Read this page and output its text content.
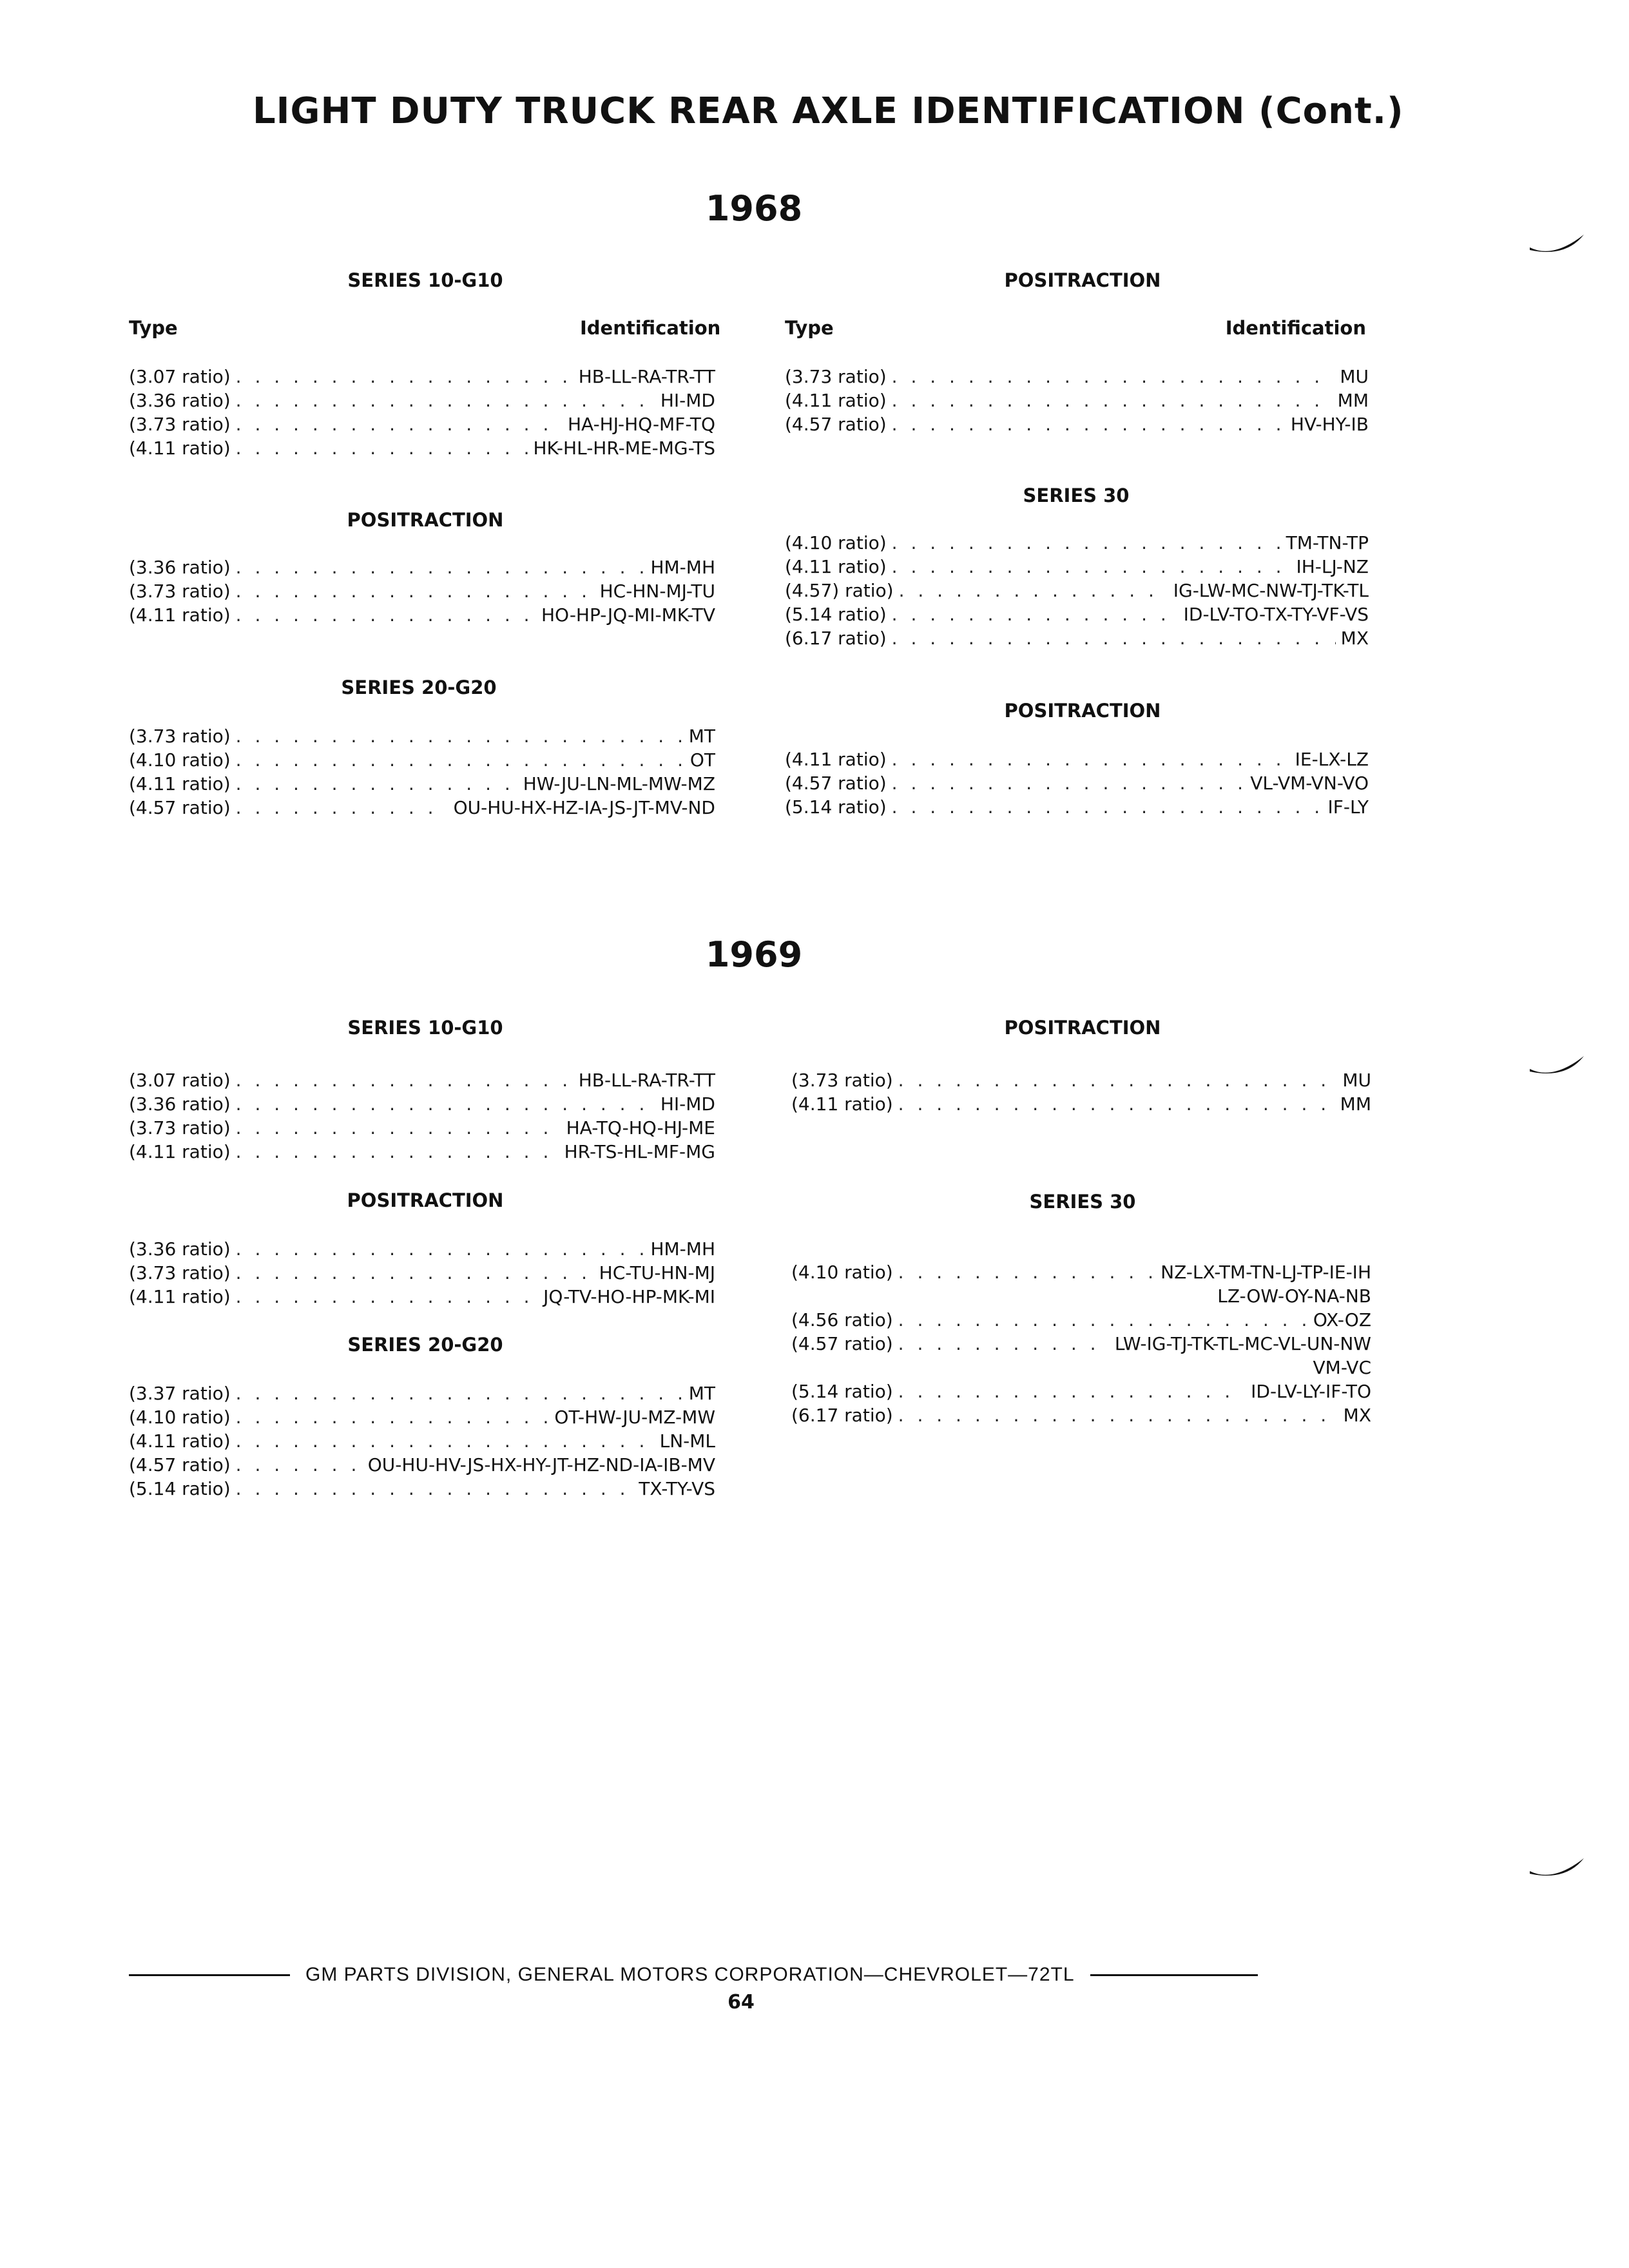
LIGHT DUTY TRUCK REAR AXLE IDENTIFICATION (Cont.)
1968
SERIES 10-G10
Type	Identification
(3.07 ratio) . . .	HB-LL-RA-TR-TT
(3.36 ratio) . . .	HI-MD
(3.73 ratio) . . .	HA-HJ-HQ-MF-TQ
(4.11 ratio) . . .	HK-HL-HR-ME-MG-TS
POSITRACTION
(3.36 ratio) . . .	HM-MH
(3.73 ratio) . . .	HC-HN-MJ-TU
(4.11 ratio) . . .	HO-HP-JQ-MI-MK-TV
SERIES 20-G20
(3.73 ratio) . . .	MT
(4.10 ratio) . . .	OT
(4.11 ratio) . . .	HW-JU-LN-ML-MW-MZ
(4.57 ratio) . . .	OU-HU-HX-HZ-IA-JS-JT-MV-ND
POSITRACTION
Type	Identification
(3.73 ratio) . . .	MU
(4.11 ratio) . . .	MM
(4.57 ratio) . . .	HV-HY-IB
SERIES 30
(4.10 ratio) . . .	TM-TN-TP
(4.11 ratio) . . .	IH-LJ-NZ
(4.57) ratio) . . .	IG-LW-MC-NW-TJ-TK-TL
(5.14 ratio) . . .	ID-LV-TO-TX-TY-VF-VS
(6.17 ratio) . . .	MX
POSITRACTION
(4.11 ratio) . . .	IE-LX-LZ
(4.57 ratio) . . .	VL-VM-VN-VO
(5.14 ratio) . . .	IF-LY
1969
SERIES 10-G10
(3.07 ratio) . . .	HB-LL-RA-TR-TT
(3.36 ratio) . . .	HI-MD
(3.73 ratio) . . .	HA-TQ-HQ-HJ-ME
(4.11 ratio) . . .	HR-TS-HL-MF-MG
POSITRACTION
(3.36 ratio) . . .	HM-MH
(3.73 ratio) . . .	HC-TU-HN-MJ
(4.11 ratio) . . .	JQ-TV-HO-HP-MK-MI
SERIES 20-G20
(3.37 ratio) . . .	MT
(4.10 ratio) . . .	OT-HW-JU-MZ-MW
(4.11 ratio) . . .	LN-ML
(4.57 ratio) . . .	OU-HU-HV-JS-HX-HY-JT-HZ-ND-IA-IB-MV
(5.14 ratio) . . .	TX-TY-VS
POSITRACTION
(3.73 ratio) . . .	MU
(4.11 ratio) . . .	MM
SERIES 30
(4.10 ratio) . . .	NZ-LX-TM-TN-LJ-TP-IE-IH
LZ-OW-OY-NA-NB
(4.56 ratio) . . .	OX-OZ
(4.57 ratio) . . .	LW-IG-TJ-TK-TL-MC-VL-UN-NW
VM-VC
(5.14 ratio) . . .	ID-LV-LY-IF-TO
(6.17 ratio) . . .	MX
GM PARTS DIVISION, GENERAL MOTORS CORPORATION—CHEVROLET—72TL
64
